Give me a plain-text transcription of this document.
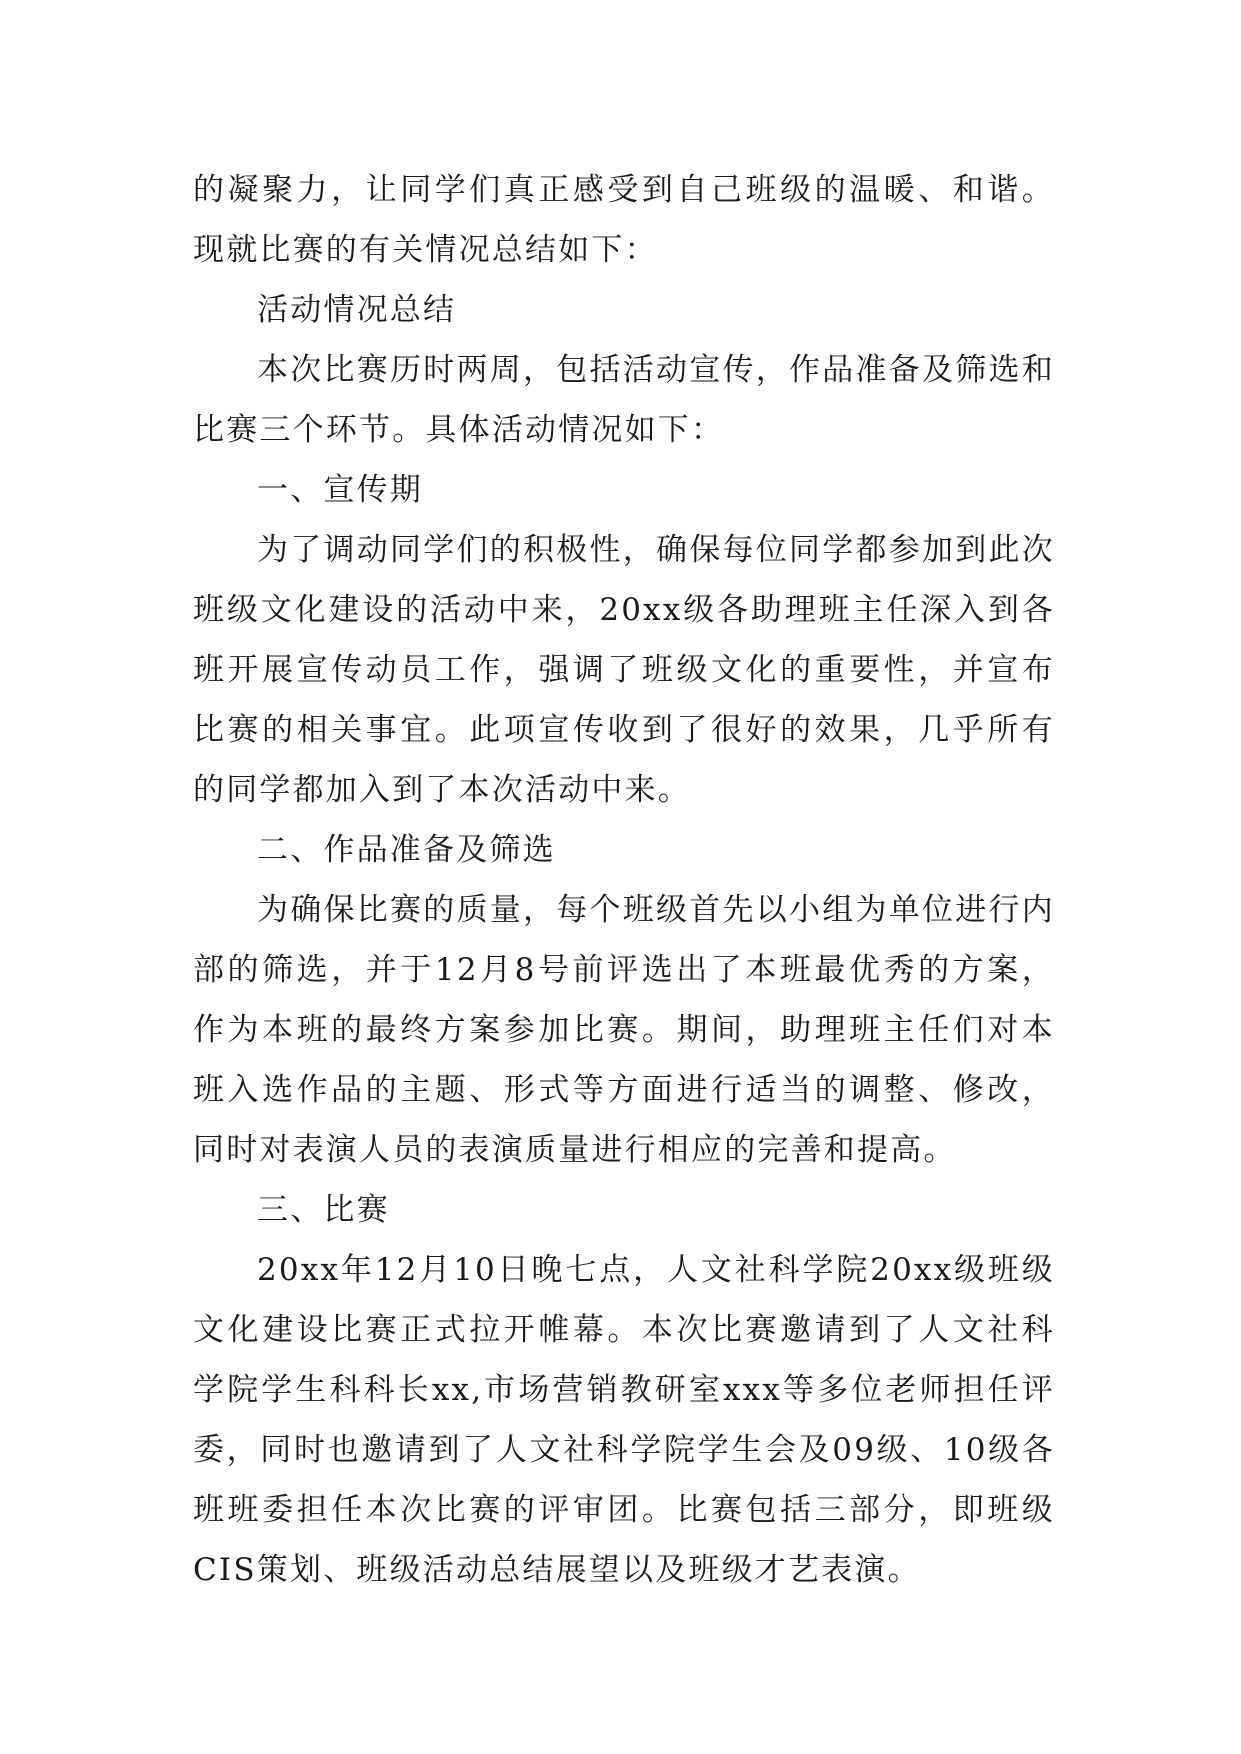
的凝聚力，让同学们真正感受到自己班级的温暖、和谐。现就比赛的有关情况总结如下：

活动情况总结

本次比赛历时两周，包括活动宣传，作品准备及筛选和比赛三个环节。具体活动情况如下：

一、宣传期

为了调动同学们的积极性，确保每位同学都参加到此次班级文化建设的活动中来，20xx级各助理班主任深入到各班开展宣传动员工作，强调了班级文化的重要性，并宣布比赛的相关事宜。此项宣传收到了很好的效果，几乎所有的同学都加入到了本次活动中来。

二、作品准备及筛选

为确保比赛的质量，每个班级首先以小组为单位进行内部的筛选，并于12月8号前评选出了本班最优秀的方案，作为本班的最终方案参加比赛。期间，助理班主任们对本班入选作品的主题、形式等方面进行适当的调整、修改，同时对表演人员的表演质量进行相应的完善和提高。

三、比赛

20xx年12月10日晚七点，人文社科学院20xx级班级文化建设比赛正式拉开帷幕。本次比赛邀请到了人文社科学院学生科科长xx,市场营销教研室xxx等多位老师担任评委，同时也邀请到了人文社科学院学生会及09级、10级各班班委担任本次比赛的评审团。比赛包括三部分，即班级CIS策划、班级活动总结展望以及班级才艺表演。
